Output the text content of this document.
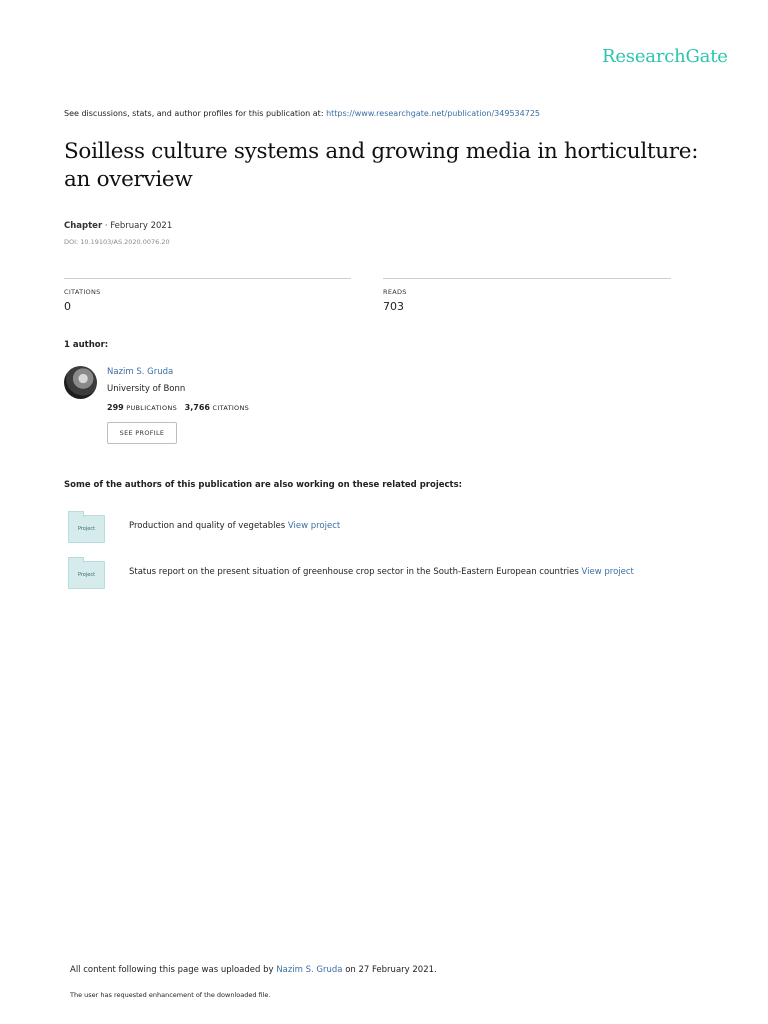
ResearchGate
See discussions, stats, and author profiles for this publication at: https://www.researchgate.net/publication/349534725
Soilless culture systems and growing media in horticulture:
an overview
Chapter · February 2021
DOI: 10.19103/AS.2020.0076.20
CITATIONS
0
READS
703
1 author:
Nazim S. Gruda
University of Bonn
299 PUBLICATIONS 3,766 CITATIONS
SEE PROFILE
Some of the authors of this publication are also working on these related projects:
Project	Production and quality of vegetables View project
Project	Status report on the present situation of greenhouse crop sector in the South-Eastern European countries View project
All content following this page was uploaded by Nazim S. Gruda on 27 February 2021.
The user has requested enhancement of the downloaded file.
